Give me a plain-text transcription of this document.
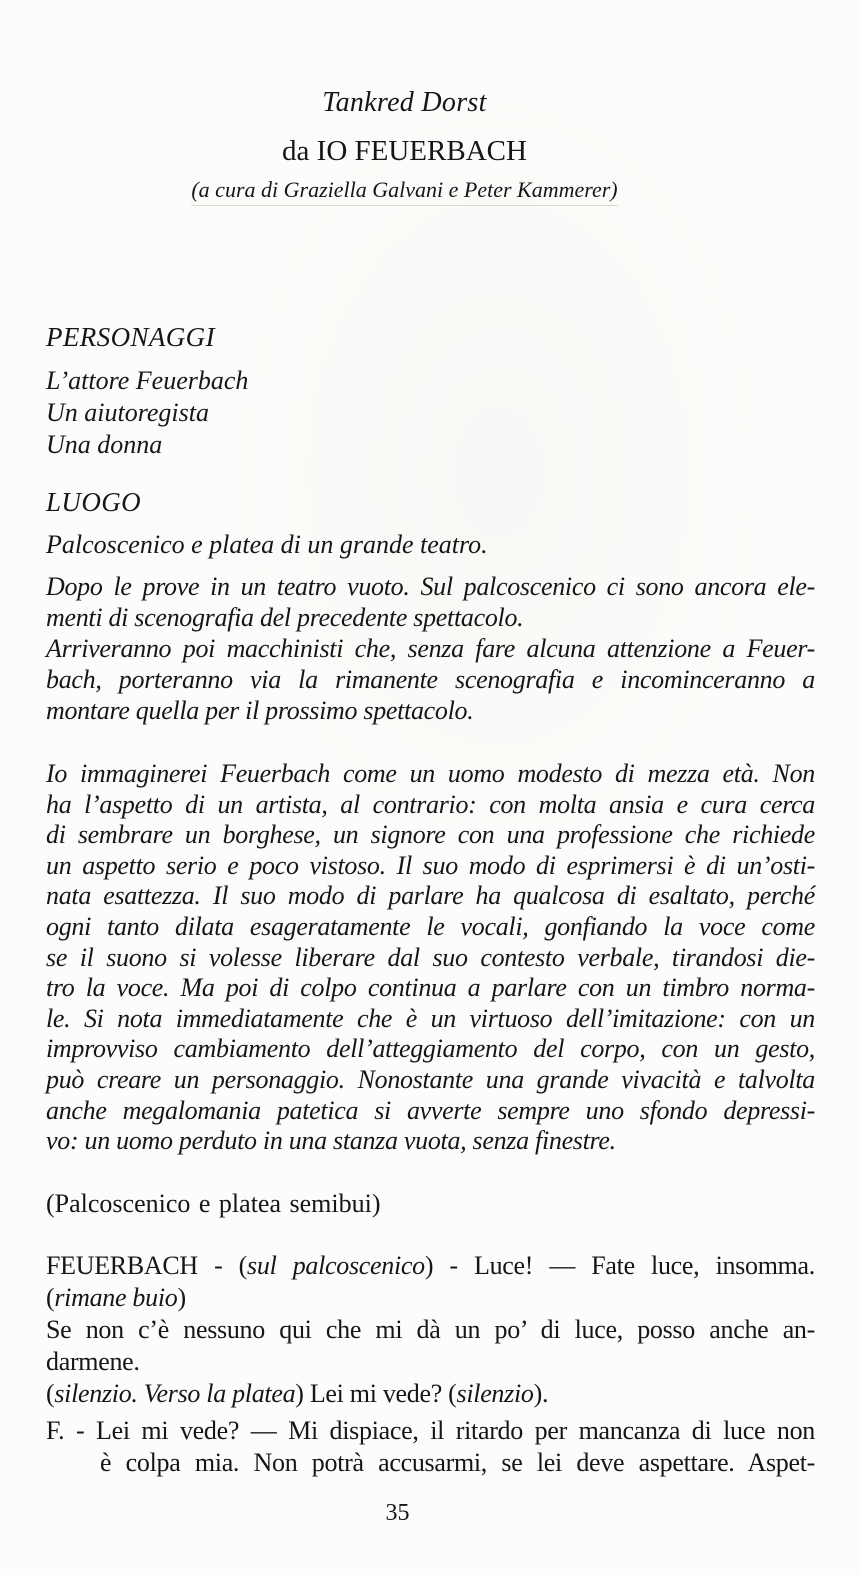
Tankred Dorst
da IO FEUERBACH
(a cura di Graziella Galvani e Peter Kammerer)
PERSONAGGI
L’attore Feuerbach
Un aiutoregista
Una donna
LUOGO
Palcoscenico e platea di un grande teatro.
Dopo le prove in un teatro vuoto. Sul palcoscenico ci sono ancora ele-
menti di scenografia del precedente spettacolo.
Arriveranno poi macchinisti che, senza fare alcuna attenzione a Feuer-
bach, porteranno via la rimanente scenografia e incominceranno a
montare quella per il prossimo spettacolo.
Io immaginerei Feuerbach come un uomo modesto di mezza età. Non
ha l’aspetto di un artista, al contrario: con molta ansia e cura cerca
di sembrare un borghese, un signore con una professione che richiede
un aspetto serio e poco vistoso. Il suo modo di esprimersi è di un’osti-
nata esattezza. Il suo modo di parlare ha qualcosa di esaltato, perché
ogni tanto dilata esageratamente le vocali, gonfiando la voce come
se il suono si volesse liberare dal suo contesto verbale, tirandosi die-
tro la voce. Ma poi di colpo continua a parlare con un timbro norma-
le. Si nota immediatamente che è un virtuoso dell’imitazione: con un
improvviso cambiamento dell’atteggiamento del corpo, con un gesto,
può creare un personaggio. Nonostante una grande vivacità e talvolta
anche megalomania patetica si avverte sempre uno sfondo depressi-
vo: un uomo perduto in una stanza vuota, senza finestre.
(Palcoscenico e platea semibui)
FEUERBACH - (sul palcoscenico) - Luce! — Fate luce, insomma.
(rimane buio)
Se non c’è nessuno qui che mi dà un po’ di luce, posso anche an-
darmene.
(silenzio. Verso la platea) Lei mi vede? (silenzio).
F. - Lei mi vede? — Mi dispiace, il ritardo per mancanza di luce non
è colpa mia. Non potrà accusarmi, se lei deve aspettare. Aspet-
35
